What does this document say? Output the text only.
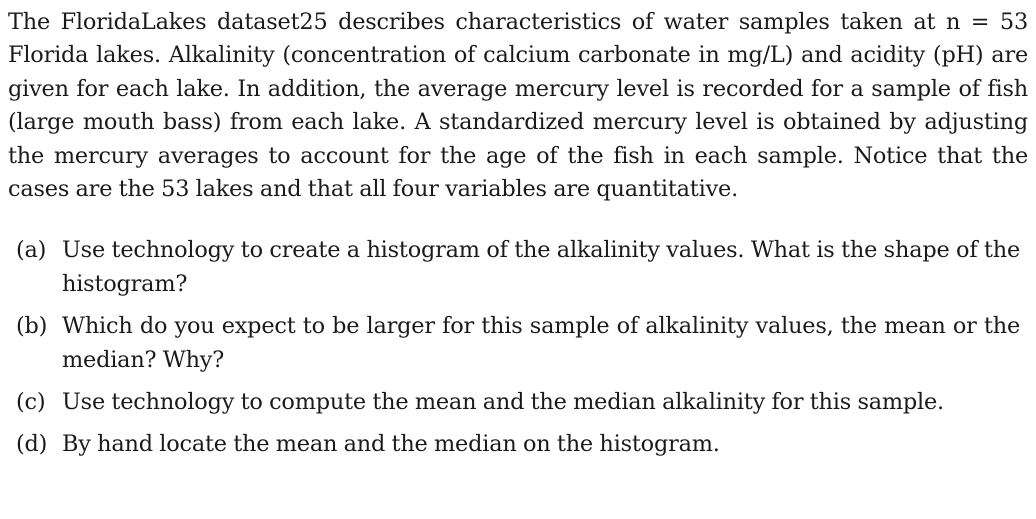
The FloridaLakes dataset25 describes characteristics of water samples taken at n = 53 Florida lakes. Alkalinity (concentration of calcium carbonate in mg/L) and acidity (pH) are given for each lake. In addition, the average mercury level is recorded for a sample of fish (large mouth bass) from each lake. A standardized mercury level is obtained by adjusting the mercury averages to account for the age of the fish in each sample. Notice that the cases are the 53 lakes and that all four variables are quantitative.

(a) Use technology to create a histogram of the alkalinity values. What is the shape of the histogram?
(b) Which do you expect to be larger for this sample of alkalinity values, the mean or the median? Why?
(c) Use technology to compute the mean and the median alkalinity for this sample.
(d) By hand locate the mean and the median on the histogram.
